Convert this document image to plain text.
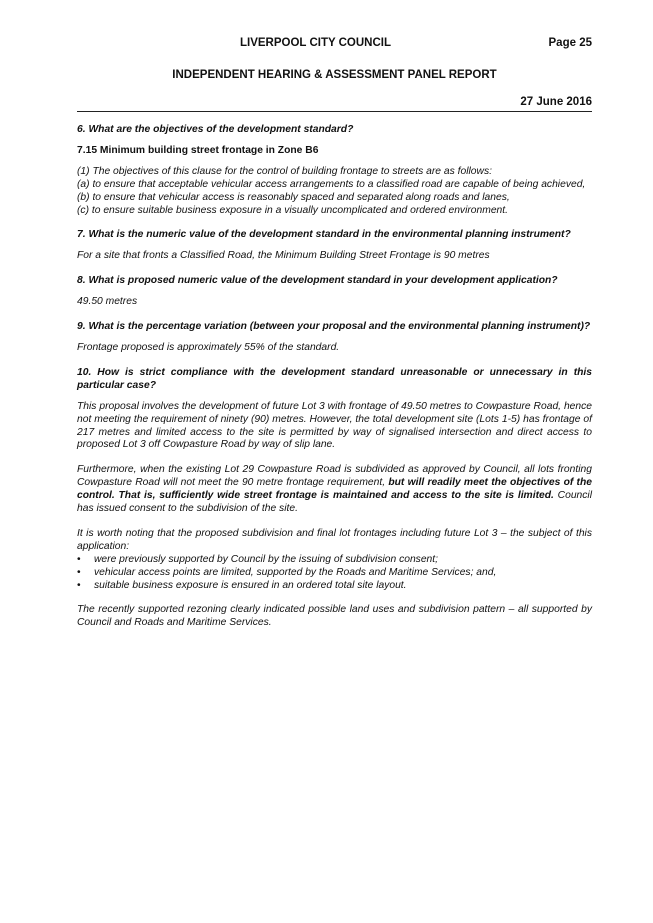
LIVERPOOL CITY COUNCIL	Page 25
INDEPENDENT HEARING & ASSESSMENT PANEL REPORT
27 June 2016

6. What are the objectives of the development standard?

7.15 Minimum building street frontage in Zone B6

(1) The objectives of this clause for the control of building frontage to streets are as follows:
(a) to ensure that acceptable vehicular access arrangements to a classified road are capable of being achieved,
(b) to ensure that vehicular access is reasonably spaced and separated along roads and lanes,
(c) to ensure suitable business exposure in a visually uncomplicated and ordered environment.

7. What is the numeric value of the development standard in the environmental planning instrument?

For a site that fronts a Classified Road, the Minimum Building Street Frontage is 90 metres

8. What is proposed numeric value of the development standard in your development application?

49.50 metres

9. What is the percentage variation (between your proposal and the environmental planning instrument)?

Frontage proposed is approximately 55% of the standard.

10. How is strict compliance with the development standard unreasonable or unnecessary in this particular case?

This proposal involves the development of future Lot 3 with frontage of 49.50 metres to Cowpasture Road, hence not meeting the requirement of ninety (90) metres. However, the total development site (Lots 1-5) has frontage of 217 metres and limited access to the site is permitted by way of signalised intersection and direct access to proposed Lot 3 off Cowpasture Road by way of slip lane.

Furthermore, when the existing Lot 29 Cowpasture Road is subdivided as approved by Council, all lots fronting Cowpasture Road will not meet the 90 metre frontage requirement, but will readily meet the objectives of the control. That is, sufficiently wide street frontage is maintained and access to the site is limited. Council has issued consent to the subdivision of the site.

It is worth noting that the proposed subdivision and final lot frontages including future Lot 3 – the subject of this application:

• were previously supported by Council by the issuing of subdivision consent;
• vehicular access points are limited, supported by the Roads and Maritime Services; and,
• suitable business exposure is ensured in an ordered total site layout.

The recently supported rezoning clearly indicated possible land uses and subdivision pattern – all supported by Council and Roads and Maritime Services.
